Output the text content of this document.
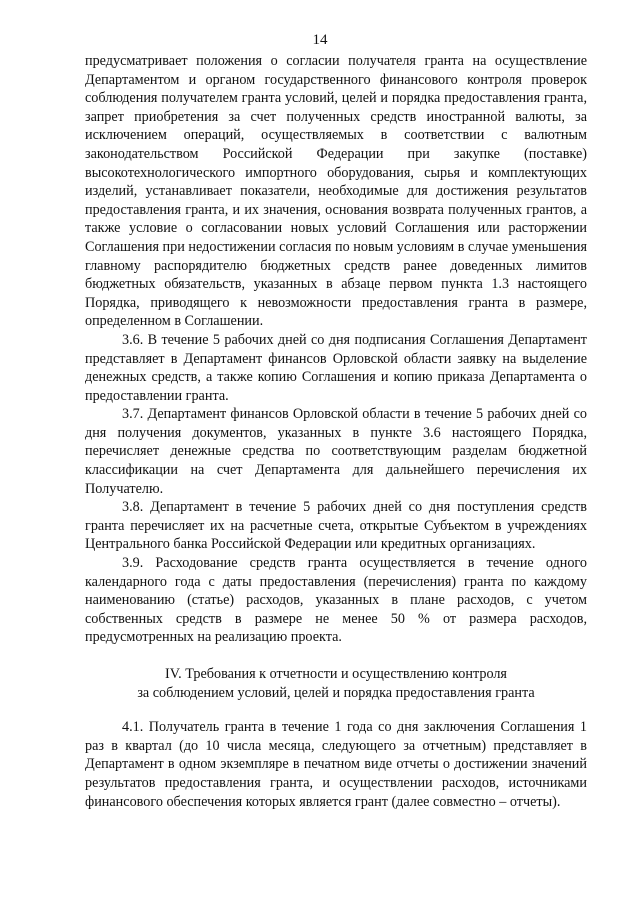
14

предусматривает положения о согласии получателя гранта на осуществление Департаментом и органом государственного финансового контроля проверок соблюдения получателем гранта условий, целей и порядка предоставления гранта, запрет приобретения за счет полученных средств иностранной валюты, за исключением операций, осуществляемых в соответствии с валютным законодательством Российской Федерации при закупке (поставке) высокотехнологического импортного оборудования, сырья и комплектующих изделий, устанавливает показатели, необходимые для достижения результатов предоставления гранта, и их значения, основания возврата полученных грантов, а также условие о согласовании новых условий Соглашения или расторжении Соглашения при недостижении согласия по новым условиям в случае уменьшения главному распорядителю бюджетных средств ранее доведенных лимитов бюджетных обязательств, указанных в абзаце первом пункта 1.3 настоящего Порядка, приводящего к невозможности предоставления гранта в размере, определенном в Соглашении.

3.6. В течение 5 рабочих дней со дня подписания Соглашения Департамент представляет в Департамент финансов Орловской области заявку на выделение денежных средств, а также копию Соглашения и копию приказа Департамента о предоставлении гранта.

3.7. Департамент финансов Орловской области в течение 5 рабочих дней со дня получения документов, указанных в пункте 3.6 настоящего Порядка, перечисляет денежные средства по соответствующим разделам бюджетной классификации на счет Департамента для дальнейшего перечисления их Получателю.

3.8. Департамент в течение 5 рабочих дней со дня поступления средств гранта перечисляет их на расчетные счета, открытые Субъектом в учреждениях Центрального банка Российской Федерации или кредитных организациях.

3.9. Расходование средств гранта осуществляется в течение одного календарного года с даты предоставления (перечисления) гранта по каждому наименованию (статье) расходов, указанных в плане расходов, с учетом собственных средств в размере не менее 50 % от размера расходов, предусмотренных на реализацию проекта.

IV. Требования к отчетности и осуществлению контроля
за соблюдением условий, целей и порядка предоставления гранта

4.1. Получатель гранта в течение 1 года со дня заключения Соглашения 1 раз в квартал (до 10 числа месяца, следующего за отчетным) представляет в Департамент в одном экземпляре в печатном виде отчеты о достижении значений результатов предоставления гранта, и осуществлении расходов, источниками финансового обеспечения которых является грант (далее совместно – отчеты).
